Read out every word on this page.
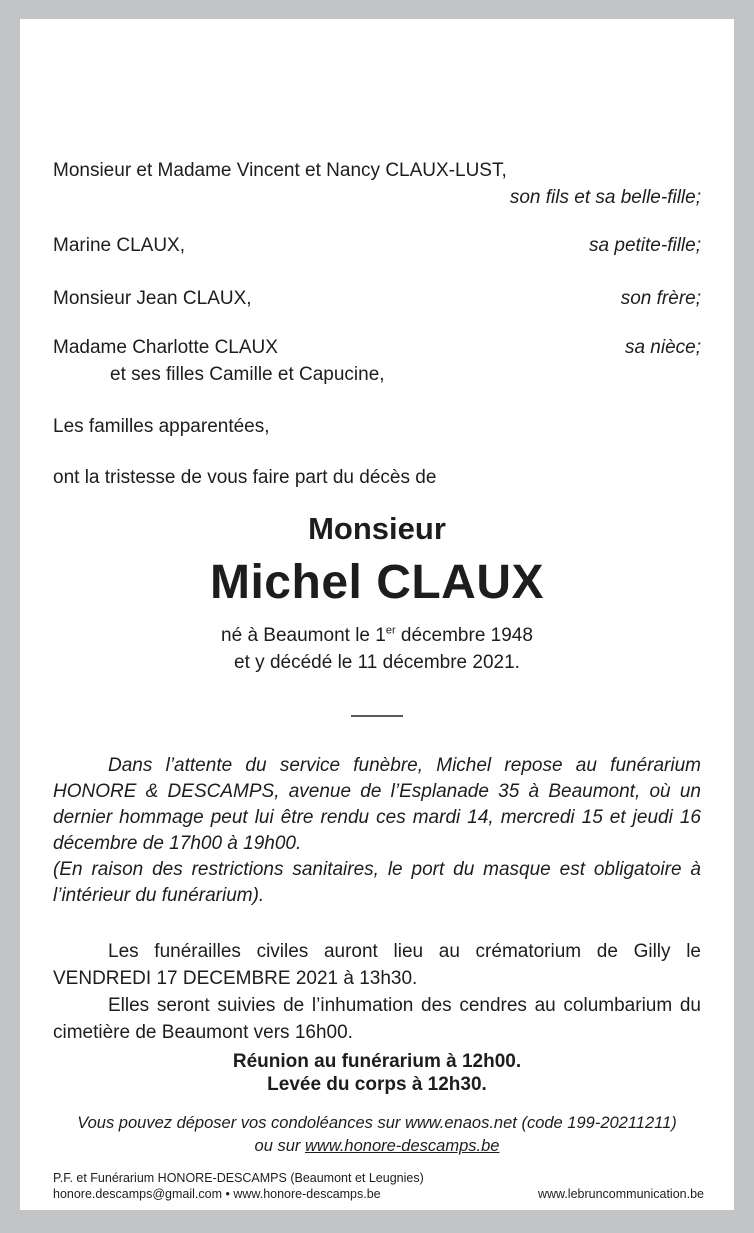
Monsieur et Madame Vincent et Nancy CLAUX-LUST,
son fils et sa belle-fille;
Marine CLAUX,	sa petite-fille;
Monsieur Jean CLAUX,	son frère;
Madame Charlotte CLAUX	sa nièce;
et ses filles Camille et Capucine,
Les familles apparentées,
ont la tristesse de vous faire part du décès de
Monsieur
Michel CLAUX
né à Beaumont le 1er décembre 1948
et y décédé le 11 décembre 2021.

Dans l’attente du service funèbre, Michel repose au funérarium HONORE & DESCAMPS, avenue de l’Esplanade 35 à Beaumont, où un dernier hommage peut lui être rendu ces mardi 14, mercredi 15 et jeudi 16 décembre de 17h00 à 19h00.

(En raison des restrictions sanitaires, le port du masque est obligatoire à l’intérieur du funérarium).

Les funérailles civiles auront lieu au crématorium de Gilly le VENDREDI 17 DECEMBRE 2021 à 13h30.

Elles seront suivies de l’inhumation des cendres au columbarium du cimetière de Beaumont vers 16h00.

Réunion au funérarium à 12h00.
Levée du corps à 12h30.
Vous pouvez déposer vos condoléances sur www.enaos.net (code 199-20211211)
ou sur www.honore-descamps.be

P.F. et Funérarium HONORE-DESCAMPS (Beaumont et Leugnies)

honore.descamps@gmail.com • www.honore-descamps.be	www.lebruncommunication.be
